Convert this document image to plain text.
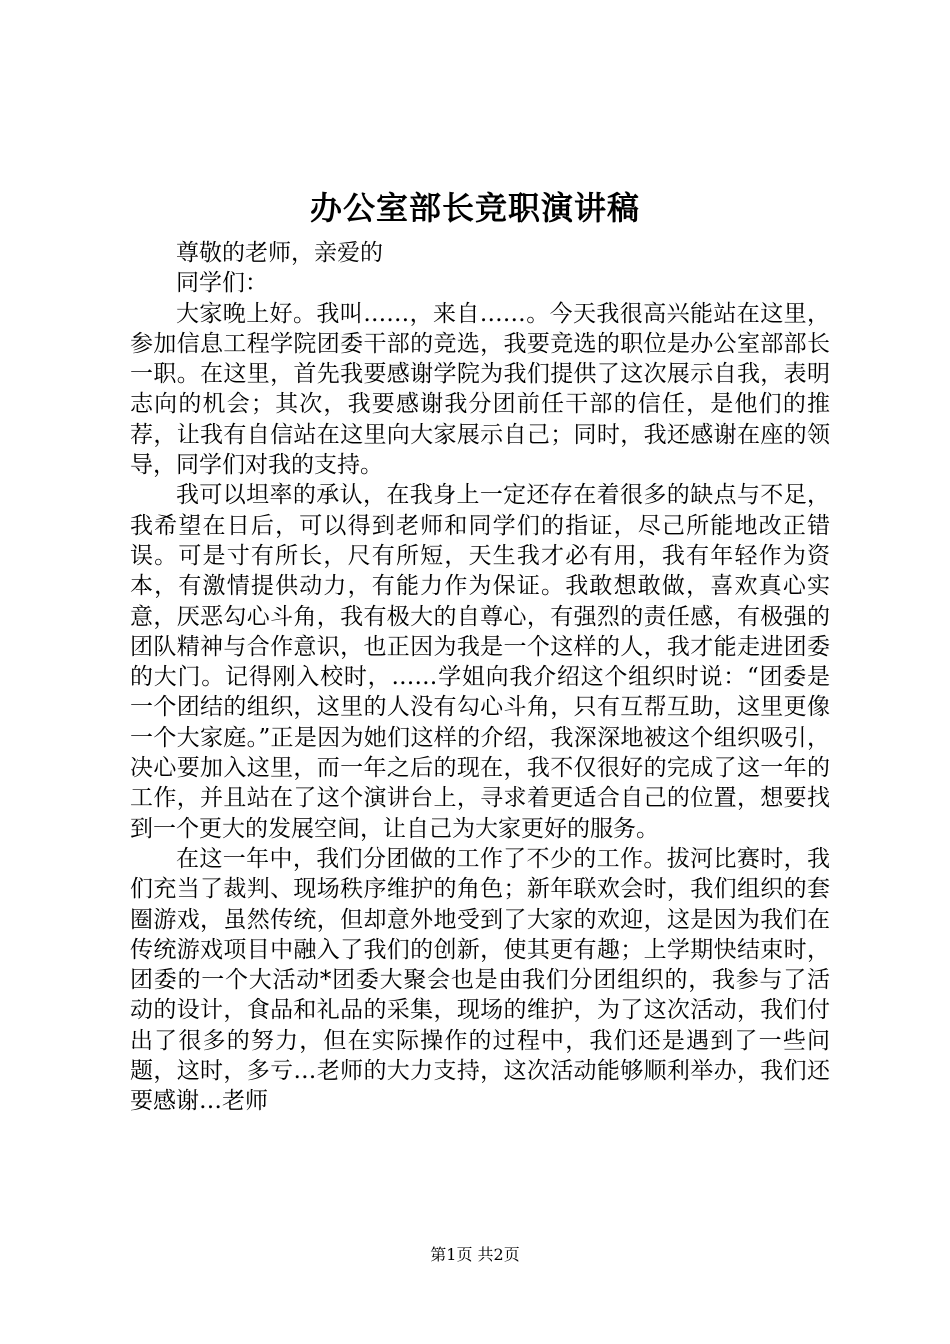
办公室部长竞职演讲稿

尊敬的老师，亲爱的

同学们：

大家晚上好。我叫……，来自……。今天我很高兴能站在这里，参加信息工程学院团委干部的竞选，我要竞选的职位是办公室部部长一职。在这里，首先我要感谢学院为我们提供了这次展示自我，表明志向的机会；其次，我要感谢我分团前任干部的信任，是他们的推荐，让我有自信站在这里向大家展示自己；同时，我还感谢在座的领导，同学们对我的支持。

我可以坦率的承认，在我身上一定还存在着很多的缺点与不足，我希望在日后，可以得到老师和同学们的指证，尽己所能地改正错误。可是寸有所长，尺有所短，天生我才必有用，我有年轻作为资本，有激情提供动力，有能力作为保证。我敢想敢做，喜欢真心实意，厌恶勾心斗角，我有极大的自尊心，有强烈的责任感，有极强的团队精神与合作意识，也正因为我是一个这样的人，我才能走进团委的大门。记得刚入校时，……学姐向我介绍这个组织时说：“团委是一个团结的组织，这里的人没有勾心斗角，只有互帮互助，这里更像一个大家庭。”正是因为她们这样的介绍，我深深地被这个组织吸引，决心要加入这里，而一年之后的现在，我不仅很好的完成了这一年的工作，并且站在了这个演讲台上，寻求着更适合自己的位置，想要找到一个更大的发展空间，让自己为大家更好的服务。

在这一年中，我们分团做的工作了不少的工作。拔河比赛时，我们充当了裁判、现场秩序维护的角色；新年联欢会时，我们组织的套圈游戏，虽然传统，但却意外地受到了大家的欢迎，这是因为我们在传统游戏项目中融入了我们的创新，使其更有趣；上学期快结束时，团委的一个大活动*团委大聚会也是由我们分团组织的，我参与了活动的设计，食品和礼品的采集，现场的维护，为了这次活动，我们付出了很多的努力，但在实际操作的过程中，我们还是遇到了一些问题，这时，多亏…老师的大力支持，这次活动能够顺利举办，我们还要感谢…老师

第1页 共2页
